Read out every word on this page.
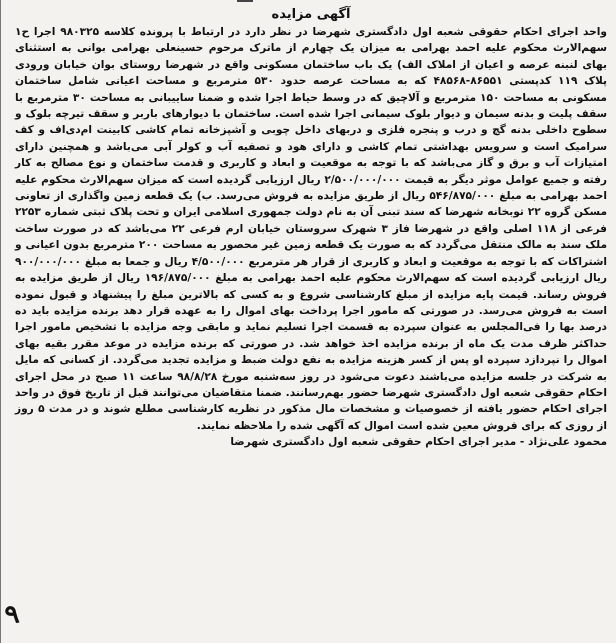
آگهی مزایده

واحد اجرای احکام حقوقی شعبه اول دادگستری شهرضا در نظر دارد در ارتباط با پرونده کلاسه ۹۸۰۳۲۵ اجرا ح۱ سهم‌الارث محکوم علیه احمد بهرامی به میزان یک چهارم از ماترک مرحوم حسینعلی بهرامی بوانی به استثنای بهای لنبنه عرصه و اعیان از املاک الف) یک باب ساختمان مسکونی واقع در شهرضا روستای بوان خیابان ورودی پلاک ۱۱۹ کدپستی ۸۶۵۵۱-۴۸۵۶۸ که به مساحت عرصه حدود ۵۳۰ مترمربع و مساحت اعیانی شامل ساختمان مسکونی به مساحت ۱۵۰ مترمربع و آلاچیق که در وسط حیاط اجرا شده و ضمنا ساییبانی به مساحت ۳۰ مترمربع با سقف پلیت و بدنه سیمان و دیوار بلوک سیمانی اجرا شده است. ساختمان با دیوارهای باربر و سقف تیرچه بلوک و سطوح داخلی بدنه گچ و درب و پنجره فلزی و دربهای داخل چوبی و آشپزخانه تمام کاشی کابینت ام‌دی‌اف و کف سرامیک است و سرویس بهداشتی تمام کاشی و دارای هود و تصفیه آب و کولر آبی می‌باشد و همچنین دارای امتیازات آب و برق و گاز می‌باشد که با توجه به موقعیت و ابعاد و کاربری و قدمت ساختمان و نوع مصالح به کار رفته و جمیع عوامل موثر دیگر به قیمت ۲/۵۰۰/۰۰۰/۰۰۰ ریال ارزیابی گردیده است که میزان سهم‌الارث محکوم علیه احمد بهرامی به مبلغ ۵۴۶/۸۷۵/۰۰۰ ریال از طریق مزایده به فروش می‌رسد. ب) یک قطعه زمین واگذاری از تعاونی مسکن گروه ۲۲ توبخانه شهرضا که سند تبنی آن به نام دولت جمهوری اسلامی ایران و تحت پلاک ثبتی شماره ۲۲۵۳ فرعی از ۱۱۸ اصلی واقع در شهرضا فاز ۳ شهرک سروستان خیابان ارم فرعی ۲۲ می‌باشد که در صورت ساخت ملک سند به مالک منتقل می‌گردد که به صورت یک قطعه زمین غیر محصور به مساحت ۲۰۰ مترمربع بدون اعیانی و اشتراکات که با توجه به موقعیت و ابعاد و کاربری از قرار هر مترمربع ۴/۵۰۰/۰۰۰ ریال و جمعا به مبلغ ۹۰۰/۰۰۰/۰۰۰ ریال ارزیابی گردیده است که سهم‌الارث محکوم علیه احمد بهرامی به مبلغ ۱۹۶/۸۷۵/۰۰۰ ریال از طریق مزایده به فروش رساند. قیمت پایه مزایده از مبلغ کارشناسی شروع و به کسی که بالاترین مبلغ را پیشنهاد و قبول نموده است به فروش می‌رسد. در صورتی که مامور اجرا پرداخت بهای اموال را به عهده قرار دهد برنده مزایده باید ده درصد بها را فی‌المجلس به عنوان سپرده به قسمت اجرا تسلیم نماید و مابقی وجه مزایده با تشخیص مامور اجرا حداکثر ظرف مدت یک ماه از برنده مزایده اخذ خواهد شد. در صورتی که برنده مزایده در موعد مقرر بقیه بهای اموال را نپردازد سپرده او پس از کسر هزینه مزایده به نفع دولت ضبط و مزایده تجدید می‌گردد. از کسانی که مایل به شرکت در جلسه مزایده می‌باشند دعوت می‌شود در روز سه‌شنبه مورخ ۹۸/۸/۲۸ ساعت ۱۱ صبح در محل اجرای احکام حقوقی شعبه اول دادگستری شهرضا حضور بهم‌رسانند. ضمنا متقاضیان می‌توانند قبل از تاریخ فوق در واحد اجرای احکام حضور یافته از خصوصیات و مشخصات مال مذکور در نظریه کارشناسی مطلع شوند و در مدت ۵ روز از روزی که برای فروش معین شده است اموال که آگهی شده را ملاحظه نمایند.

محمود علی‌نژاد - مدیر اجرای احکام حقوقی شعبه اول دادگستری شهرضا

۹
